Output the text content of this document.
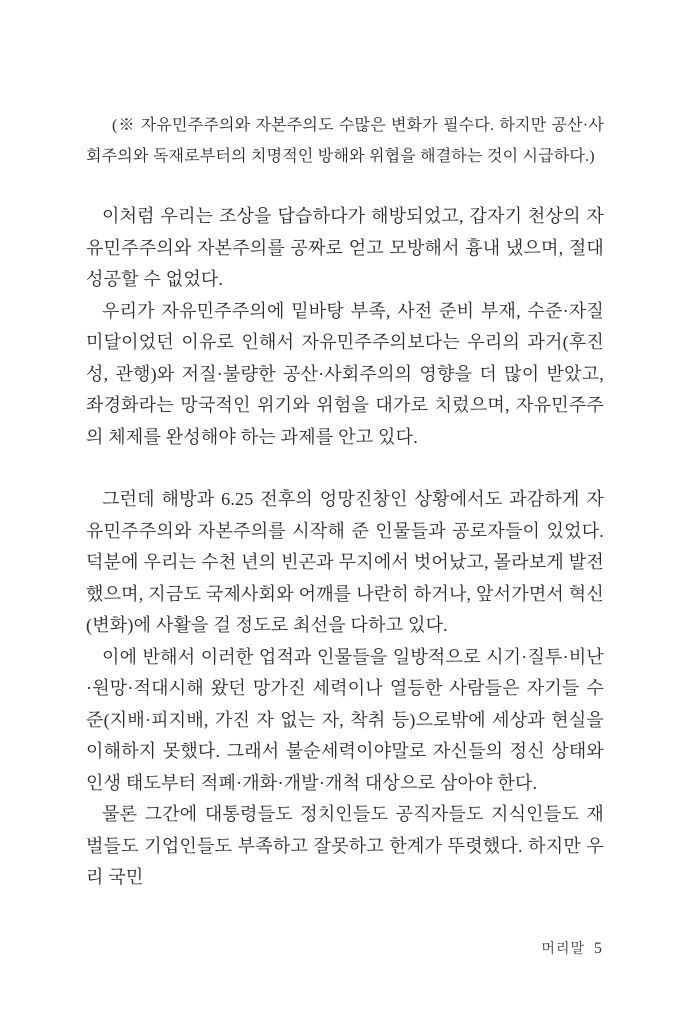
(※ 자유민주주의와 자본주의도 수많은 변화가 필수다. 하지만 공산·사회주의와 독재로부터의 치명적인 방해와 위협을 해결하는 것이 시급하다.)

이처럼 우리는 조상을 답습하다가 해방되었고, 갑자기 천상의 자유민주주의와 자본주의를 공짜로 얻고 모방해서 흉내 냈으며, 절대 성공할 수 없었다.

우리가 자유민주주의에 밑바탕 부족, 사전 준비 부재, 수준·자질 미달이었던 이유로 인해서 자유민주주의보다는 우리의 과거(후진성, 관행)와 저질·불량한 공산·사회주의의 영향을 더 많이 받았고, 좌경화라는 망국적인 위기와 위험을 대가로 치렀으며, 자유민주주의 체제를 완성해야 하는 과제를 안고 있다.

그런데 해방과 6.25 전후의 엉망진창인 상황에서도 과감하게 자유민주주의와 자본주의를 시작해 준 인물들과 공로자들이 있었다. 덕분에 우리는 수천 년의 빈곤과 무지에서 벗어났고, 몰라보게 발전했으며, 지금도 국제사회와 어깨를 나란히 하거나, 앞서가면서 혁신(변화)에 사활을 걸 정도로 최선을 다하고 있다.

이에 반해서 이러한 업적과 인물들을 일방적으로 시기·질투·비난·원망·적대시해 왔던 망가진 세력이나 열등한 사람들은 자기들 수준(지배·피지배, 가진 자 없는 자, 착취 등)으로밖에 세상과 현실을 이해하지 못했다. 그래서 불순세력이야말로 자신들의 정신 상태와 인생 태도부터 적폐·개화·개발·개척 대상으로 삼아야 한다.

물론 그간에 대통령들도 정치인들도 공직자들도 지식인들도 재벌들도 기업인들도 부족하고 잘못하고 한계가 뚜렷했다. 하지만 우리 국민

머리말 5
